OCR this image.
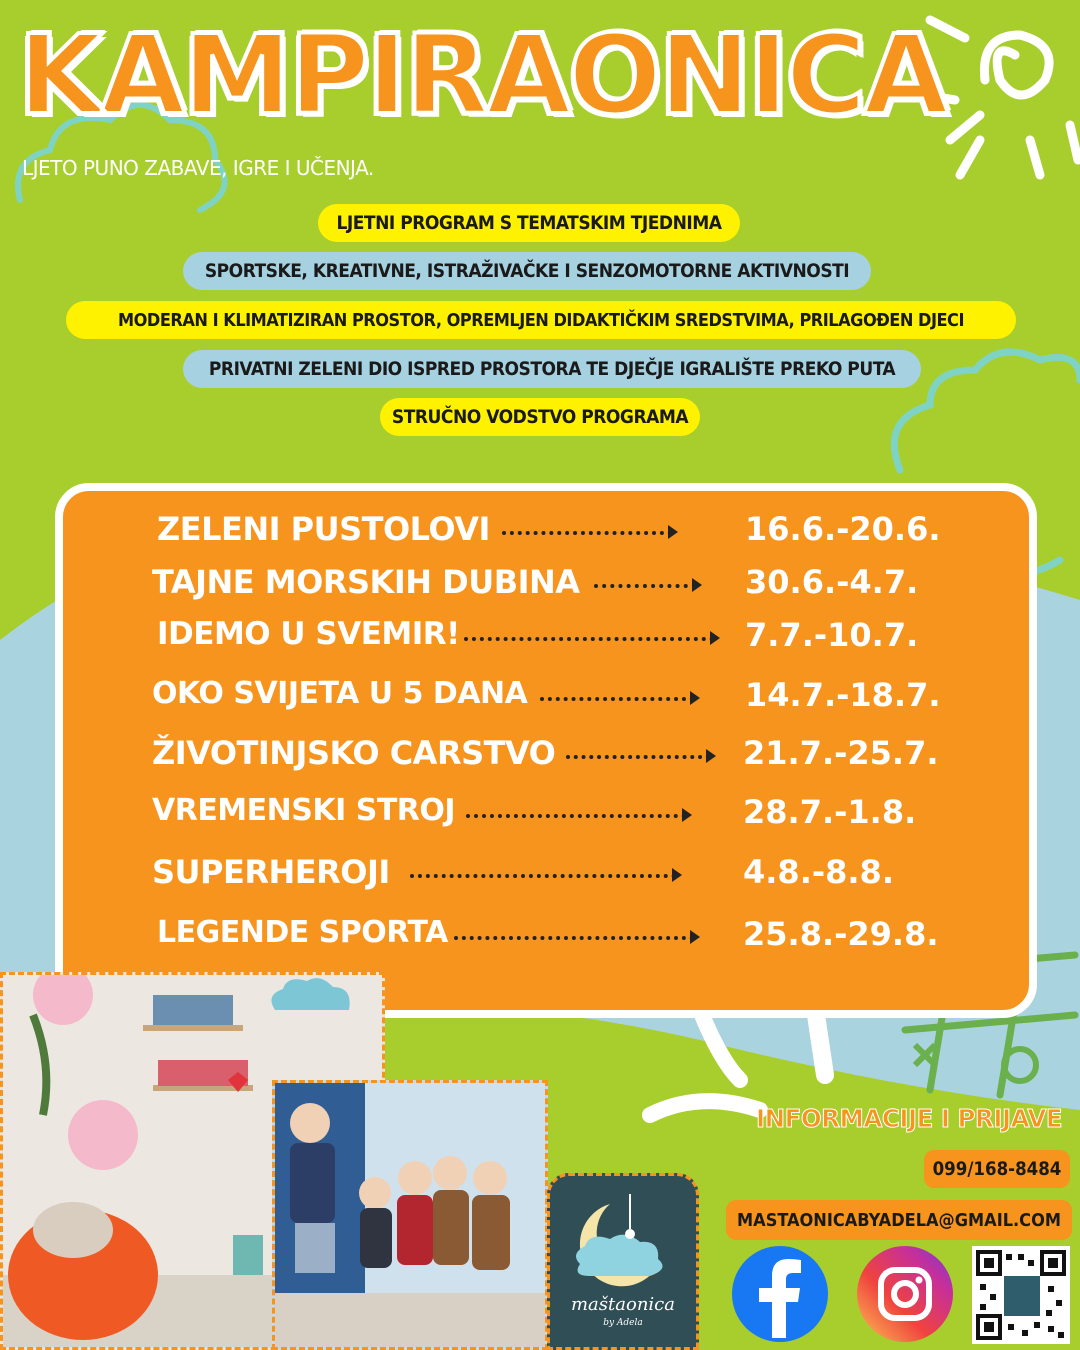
KAMPIRAONICA
LJETO PUNO ZABAVE, IGRE I UČENJA.
LJETNI PROGRAM S TEMATSKIM TJEDNIMA
SPORTSKE, KREATIVNE, ISTRAŽIVAČKE I SENZOMOTORNE AKTIVNOSTI
MODERAN I KLIMATIZIRAN PROSTOR, OPREMLJEN DIDAKTIČKIM SREDSTVIMA, PRILAGOĐEN DJECI
PRIVATNI ZELENI DIO ISPRED PROSTORA TE DJEČJE IGRALIŠTE PREKO PUTA
STRUČNO VODSTVO PROGRAMA
ZELENI PUSTOLOVI	16.6.-20.6.
TAJNE MORSKIH DUBINA	30.6.-4.7.
IDEMO U SVEMIR!	7.7.-10.7.
OKO SVIJETA U 5 DANA	14.7.-18.7.
ŽIVOTINJSKO CARSTVO	21.7.-25.7.
VREMENSKI STROJ	28.7.-1.8.
SUPERHEROJI	4.8.-8.8.
LEGENDE SPORTA	25.8.-29.8.
maštaonica
by Adela
INFORMACIJE I PRIJAVE
099/168-8484
MASTAONICABYADELA@GMAIL.COM
